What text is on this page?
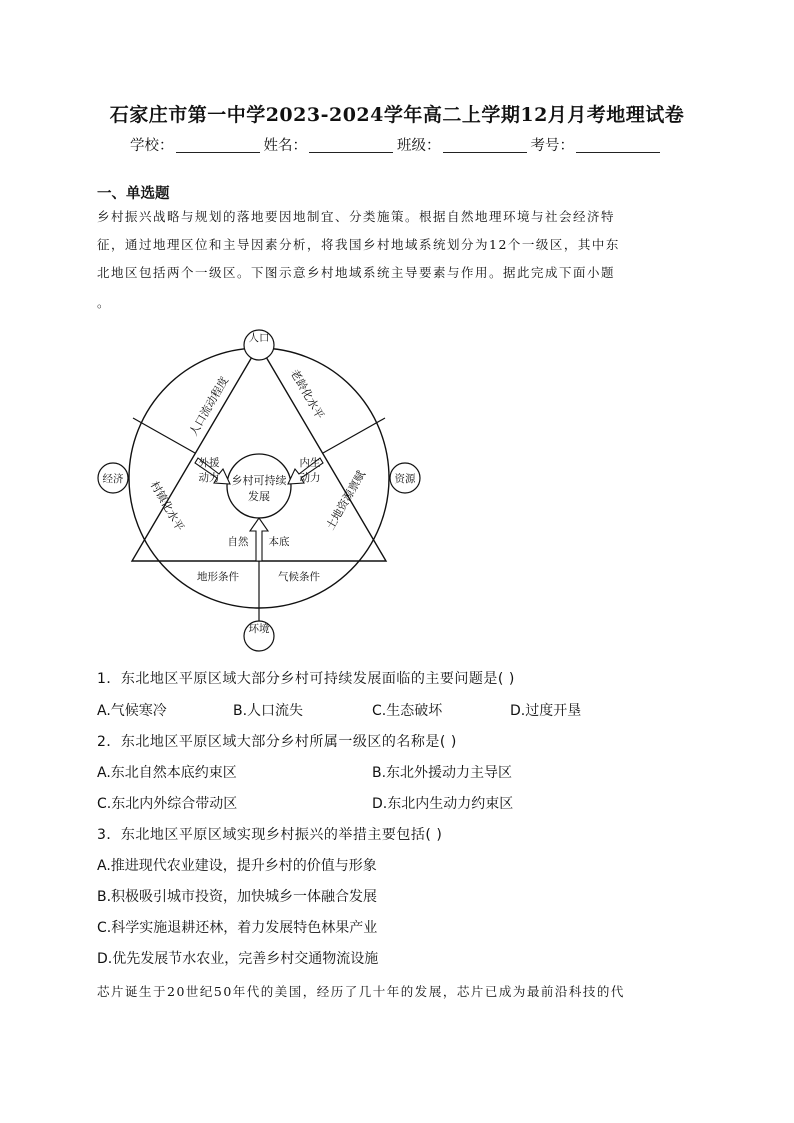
石家庄市第一中学2023-2024学年高二上学期12月月考地理试卷
学校：	姓名：	班级：	考号：
一、单选题
乡村振兴战略与规划的落地要因地制宜、分类施策。根据自然地理环境与社会经济特
征，通过地理区位和主导因素分析，将我国乡村地域系统划分为12个一级区，其中东
北地区包括两个一级区。下图示意乡村地域系统主导要素与作用。据此完成下面小题
。
乡村可持续
发展
人口
经济	资源
环境
人口流动程度
村镇化水平
老龄化水平
土地资源禀赋
外援
动力
内生
动力
自然 本底
地形条件	气候条件
1．东北地区平原区域大部分乡村可持续发展面临的主要问题是( )
A.气候寒冷	B.人口流失	C.生态破坏	D.过度开垦
2．东北地区平原区域大部分乡村所属一级区的名称是( )
A.东北自然本底约束区	B.东北外援动力主导区
C.东北内外综合带动区	D.东北内生动力约束区
3．东北地区平原区域实现乡村振兴的举措主要包括( )
A.推进现代农业建设，提升乡村的价值与形象
B.积极吸引城市投资，加快城乡一体融合发展
C.科学实施退耕还林，着力发展特色林果产业
D.优先发展节水农业，完善乡村交通物流设施
芯片诞生于20世纪50年代的美国，经历了几十年的发展，芯片已成为最前沿科技的代
